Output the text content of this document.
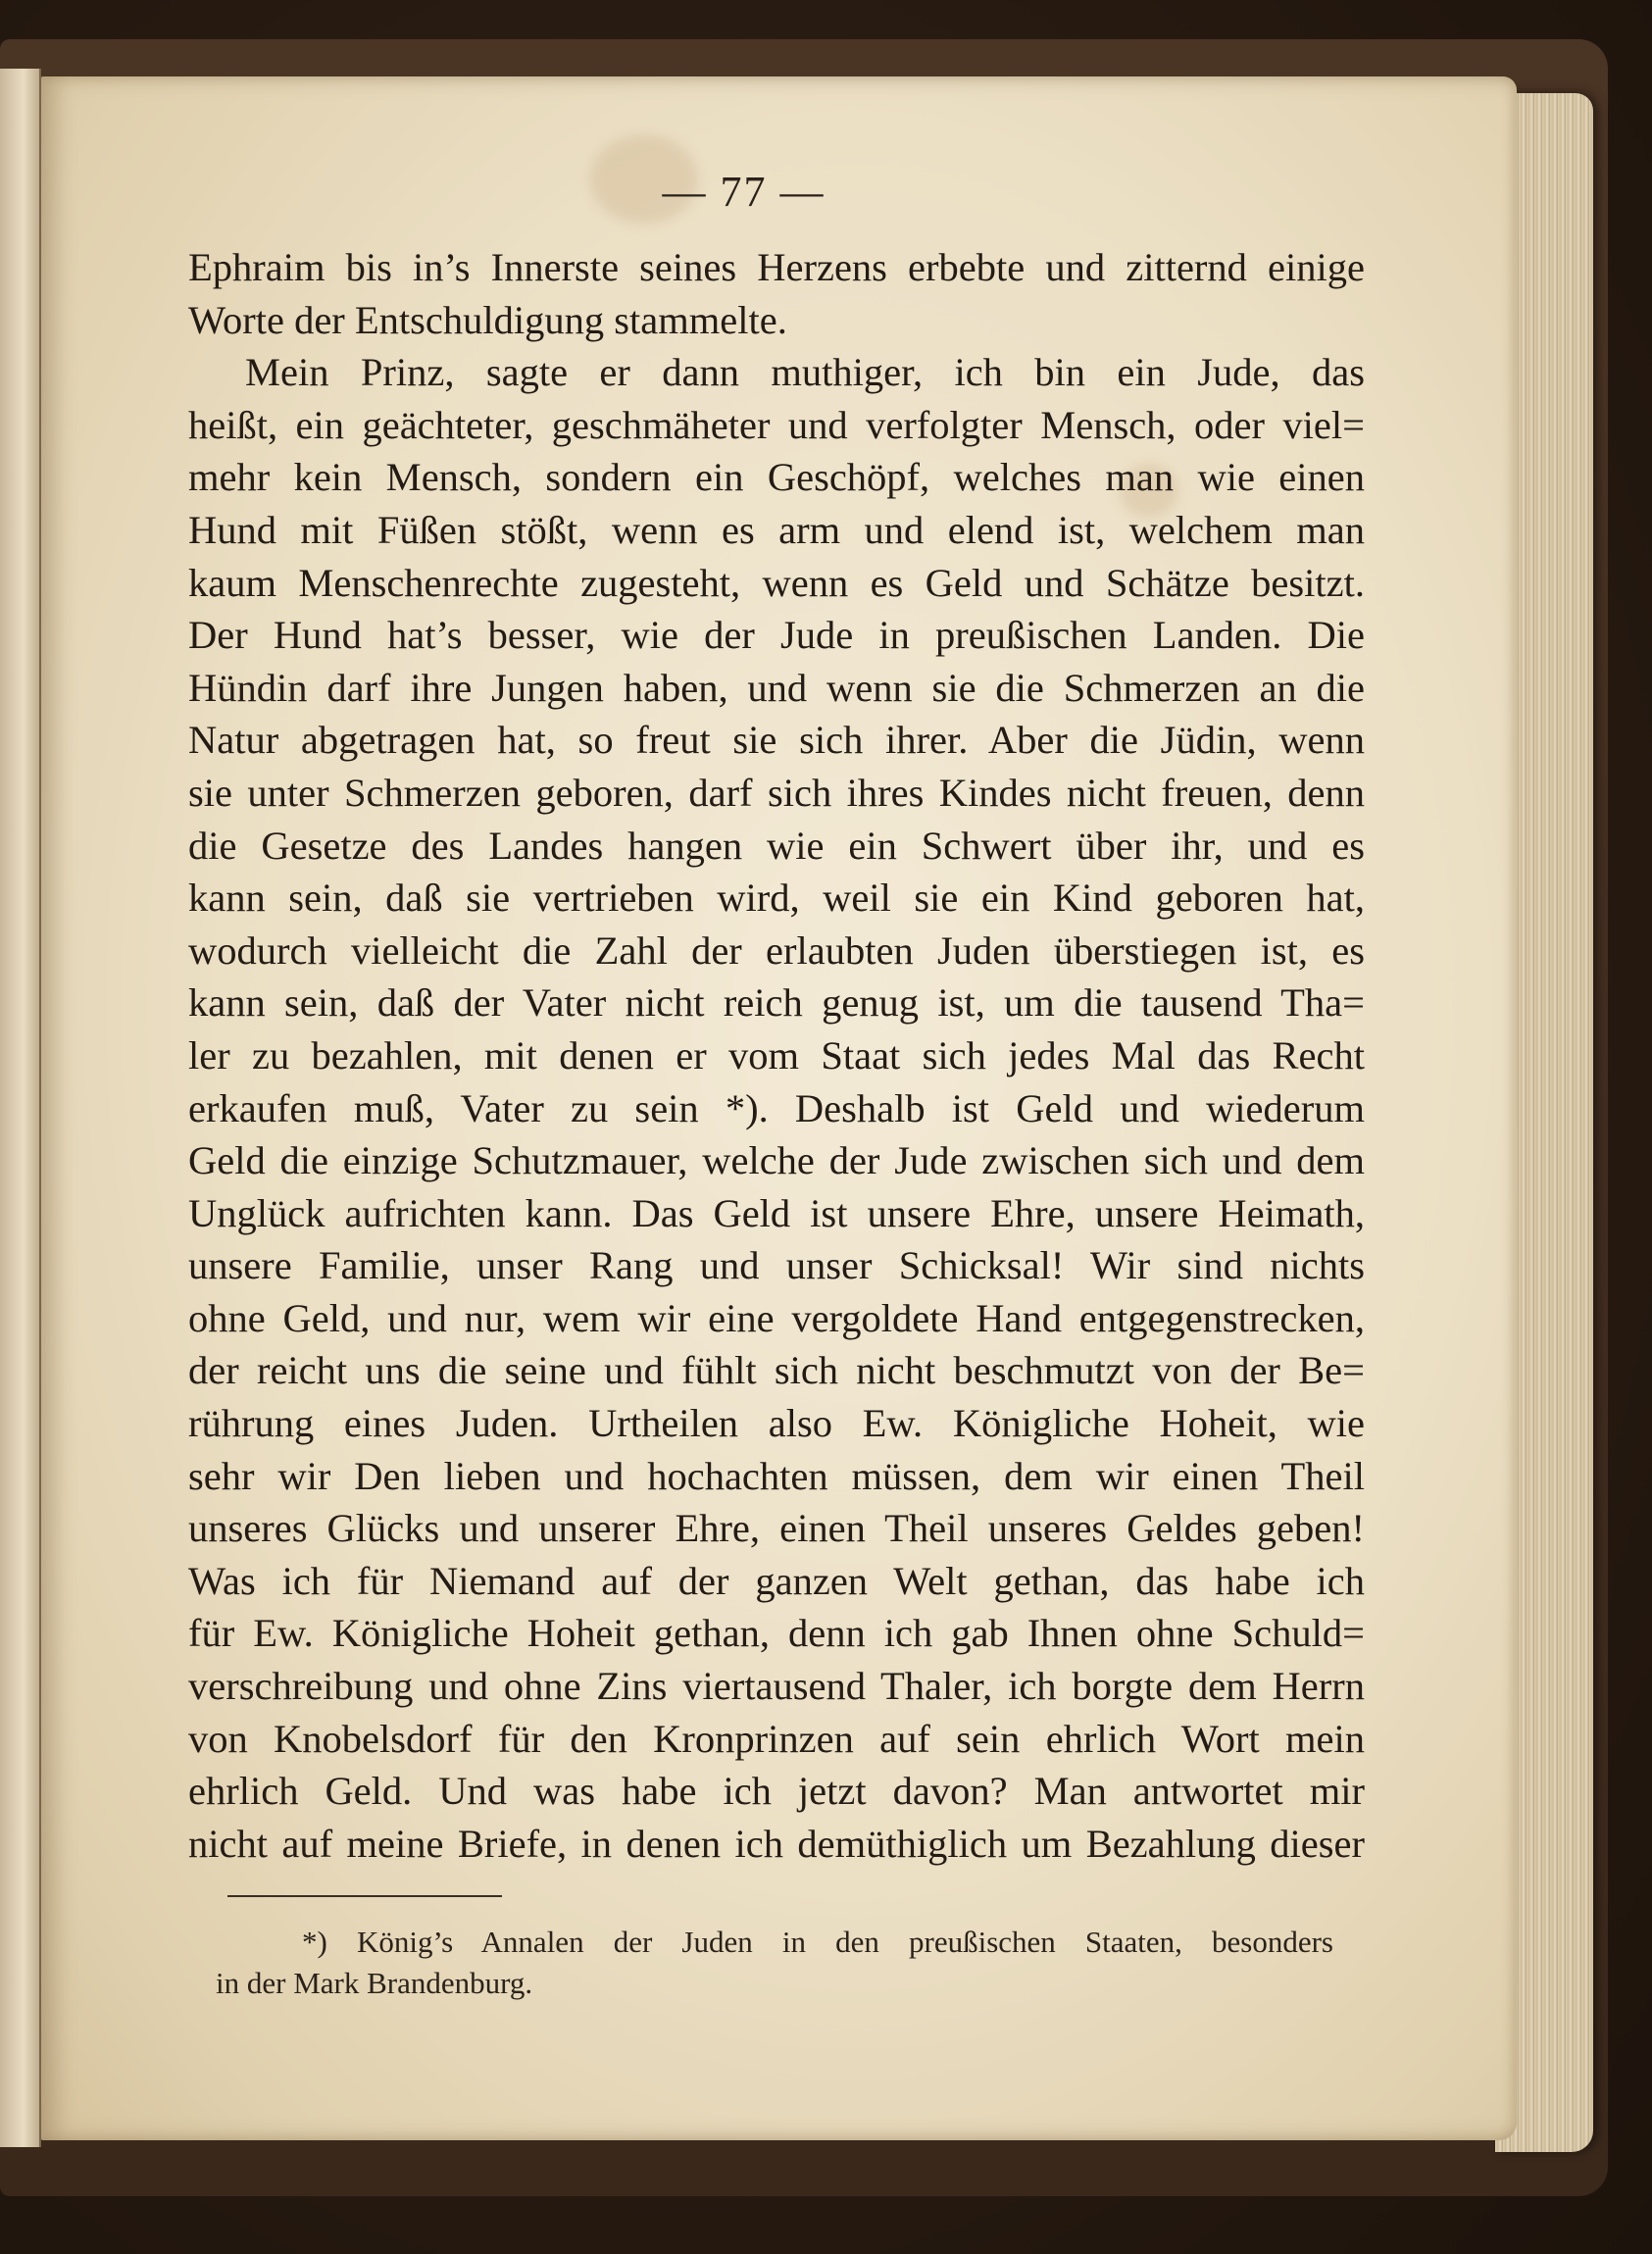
— 77 —
Ephraim bis in’s Innerste seines Herzens erbebte und zitternd einige
Worte der Entschuldigung stammelte.
Mein Prinz, sagte er dann muthiger, ich bin ein Jude, das
heißt, ein geächteter, geschmäheter und verfolgter Mensch, oder viel=
mehr kein Mensch, sondern ein Geschöpf, welches man wie einen
Hund mit Füßen stößt, wenn es arm und elend ist, welchem man
kaum Menschenrechte zugesteht, wenn es Geld und Schätze besitzt.
Der Hund hat’s besser, wie der Jude in preußischen Landen. Die
Hündin darf ihre Jungen haben, und wenn sie die Schmerzen an die
Natur abgetragen hat, so freut sie sich ihrer. Aber die Jüdin, wenn
sie unter Schmerzen geboren, darf sich ihres Kindes nicht freuen, denn
die Gesetze des Landes hangen wie ein Schwert über ihr, und es
kann sein, daß sie vertrieben wird, weil sie ein Kind geboren hat,
wodurch vielleicht die Zahl der erlaubten Juden überstiegen ist, es
kann sein, daß der Vater nicht reich genug ist, um die tausend Tha=
ler zu bezahlen, mit denen er vom Staat sich jedes Mal das Recht
erkaufen muß, Vater zu sein *). Deshalb ist Geld und wiederum
Geld die einzige Schutzmauer, welche der Jude zwischen sich und dem
Unglück aufrichten kann. Das Geld ist unsere Ehre, unsere Heimath,
unsere Familie, unser Rang und unser Schicksal! Wir sind nichts
ohne Geld, und nur, wem wir eine vergoldete Hand entgegenstrecken,
der reicht uns die seine und fühlt sich nicht beschmutzt von der Be=
rührung eines Juden. Urtheilen also Ew. Königliche Hoheit, wie
sehr wir Den lieben und hochachten müssen, dem wir einen Theil
unseres Glücks und unserer Ehre, einen Theil unseres Geldes geben!
Was ich für Niemand auf der ganzen Welt gethan, das habe ich
für Ew. Königliche Hoheit gethan, denn ich gab Ihnen ohne Schuld=
verschreibung und ohne Zins viertausend Thaler, ich borgte dem Herrn
von Knobelsdorf für den Kronprinzen auf sein ehrlich Wort mein
ehrlich Geld. Und was habe ich jetzt davon? Man antwortet mir
nicht auf meine Briefe, in denen ich demüthiglich um Bezahlung dieser
*) König’s Annalen der Juden in den preußischen Staaten, besonders
in der Mark Brandenburg.
